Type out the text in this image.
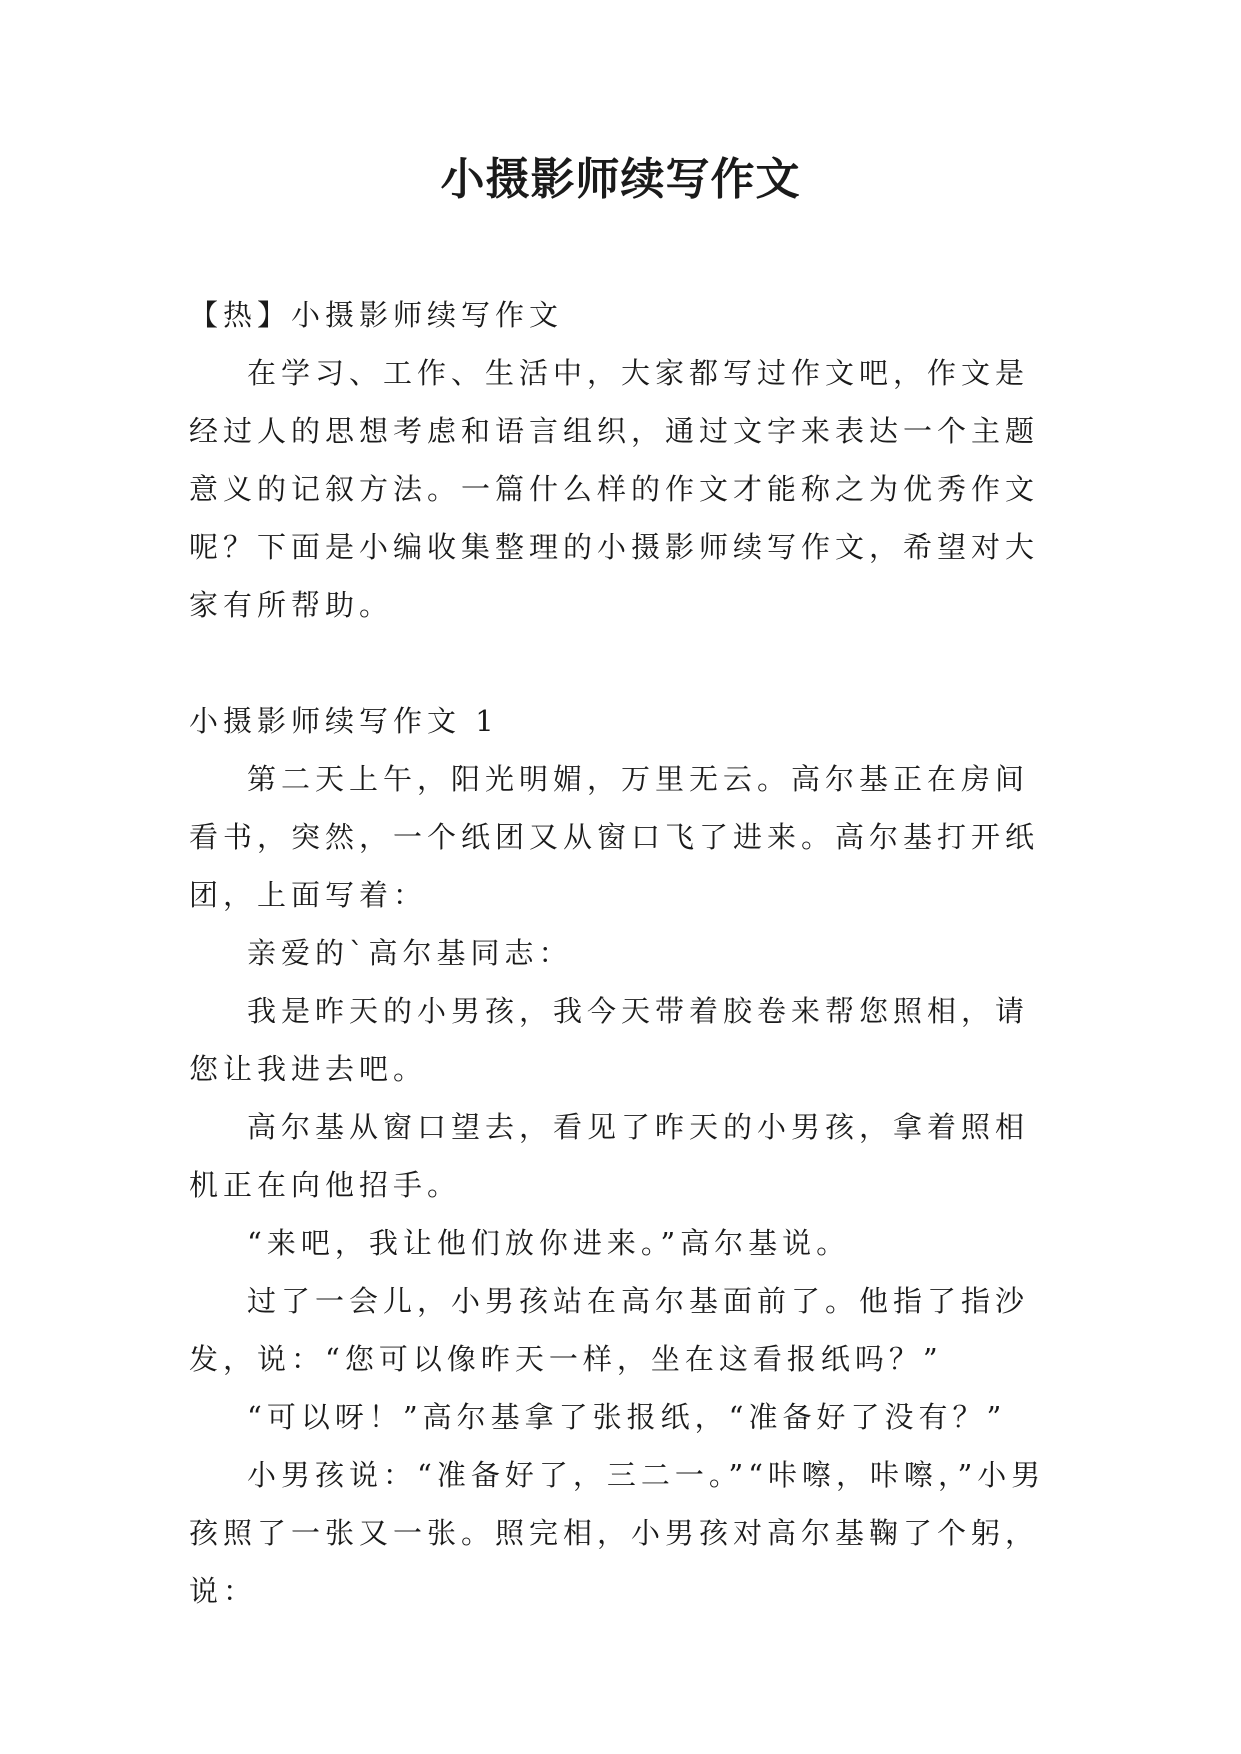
小摄影师续写作文

【热】小摄影师续写作文

在学习、工作、生活中，大家都写过作文吧，作文是经过人的思想考虑和语言组织，通过文字来表达一个主题意义的记叙方法。一篇什么样的作文才能称之为优秀作文呢？下面是小编收集整理的小摄影师续写作文，希望对大家有所帮助。

小摄影师续写作文 1

第二天上午，阳光明媚，万里无云。高尔基正在房间看书，突然，一个纸团又从窗口飞了进来。高尔基打开纸团，上面写着：

亲爱的`高尔基同志：

我是昨天的小男孩，我今天带着胶卷来帮您照相，请您让我进去吧。

高尔基从窗口望去，看见了昨天的小男孩，拿着照相机正在向他招手。

“来吧，我让他们放你进来。”高尔基说。

过了一会儿，小男孩站在高尔基面前了。他指了指沙发，说：“您可以像昨天一样，坐在这看报纸吗？”

“可以呀！”高尔基拿了张报纸，“准备好了没有？”

小男孩说：“准备好了，三二一。”“咔嚓，咔嚓，”小男孩照了一张又一张。照完相，小男孩对高尔基鞠了个躬，说：
